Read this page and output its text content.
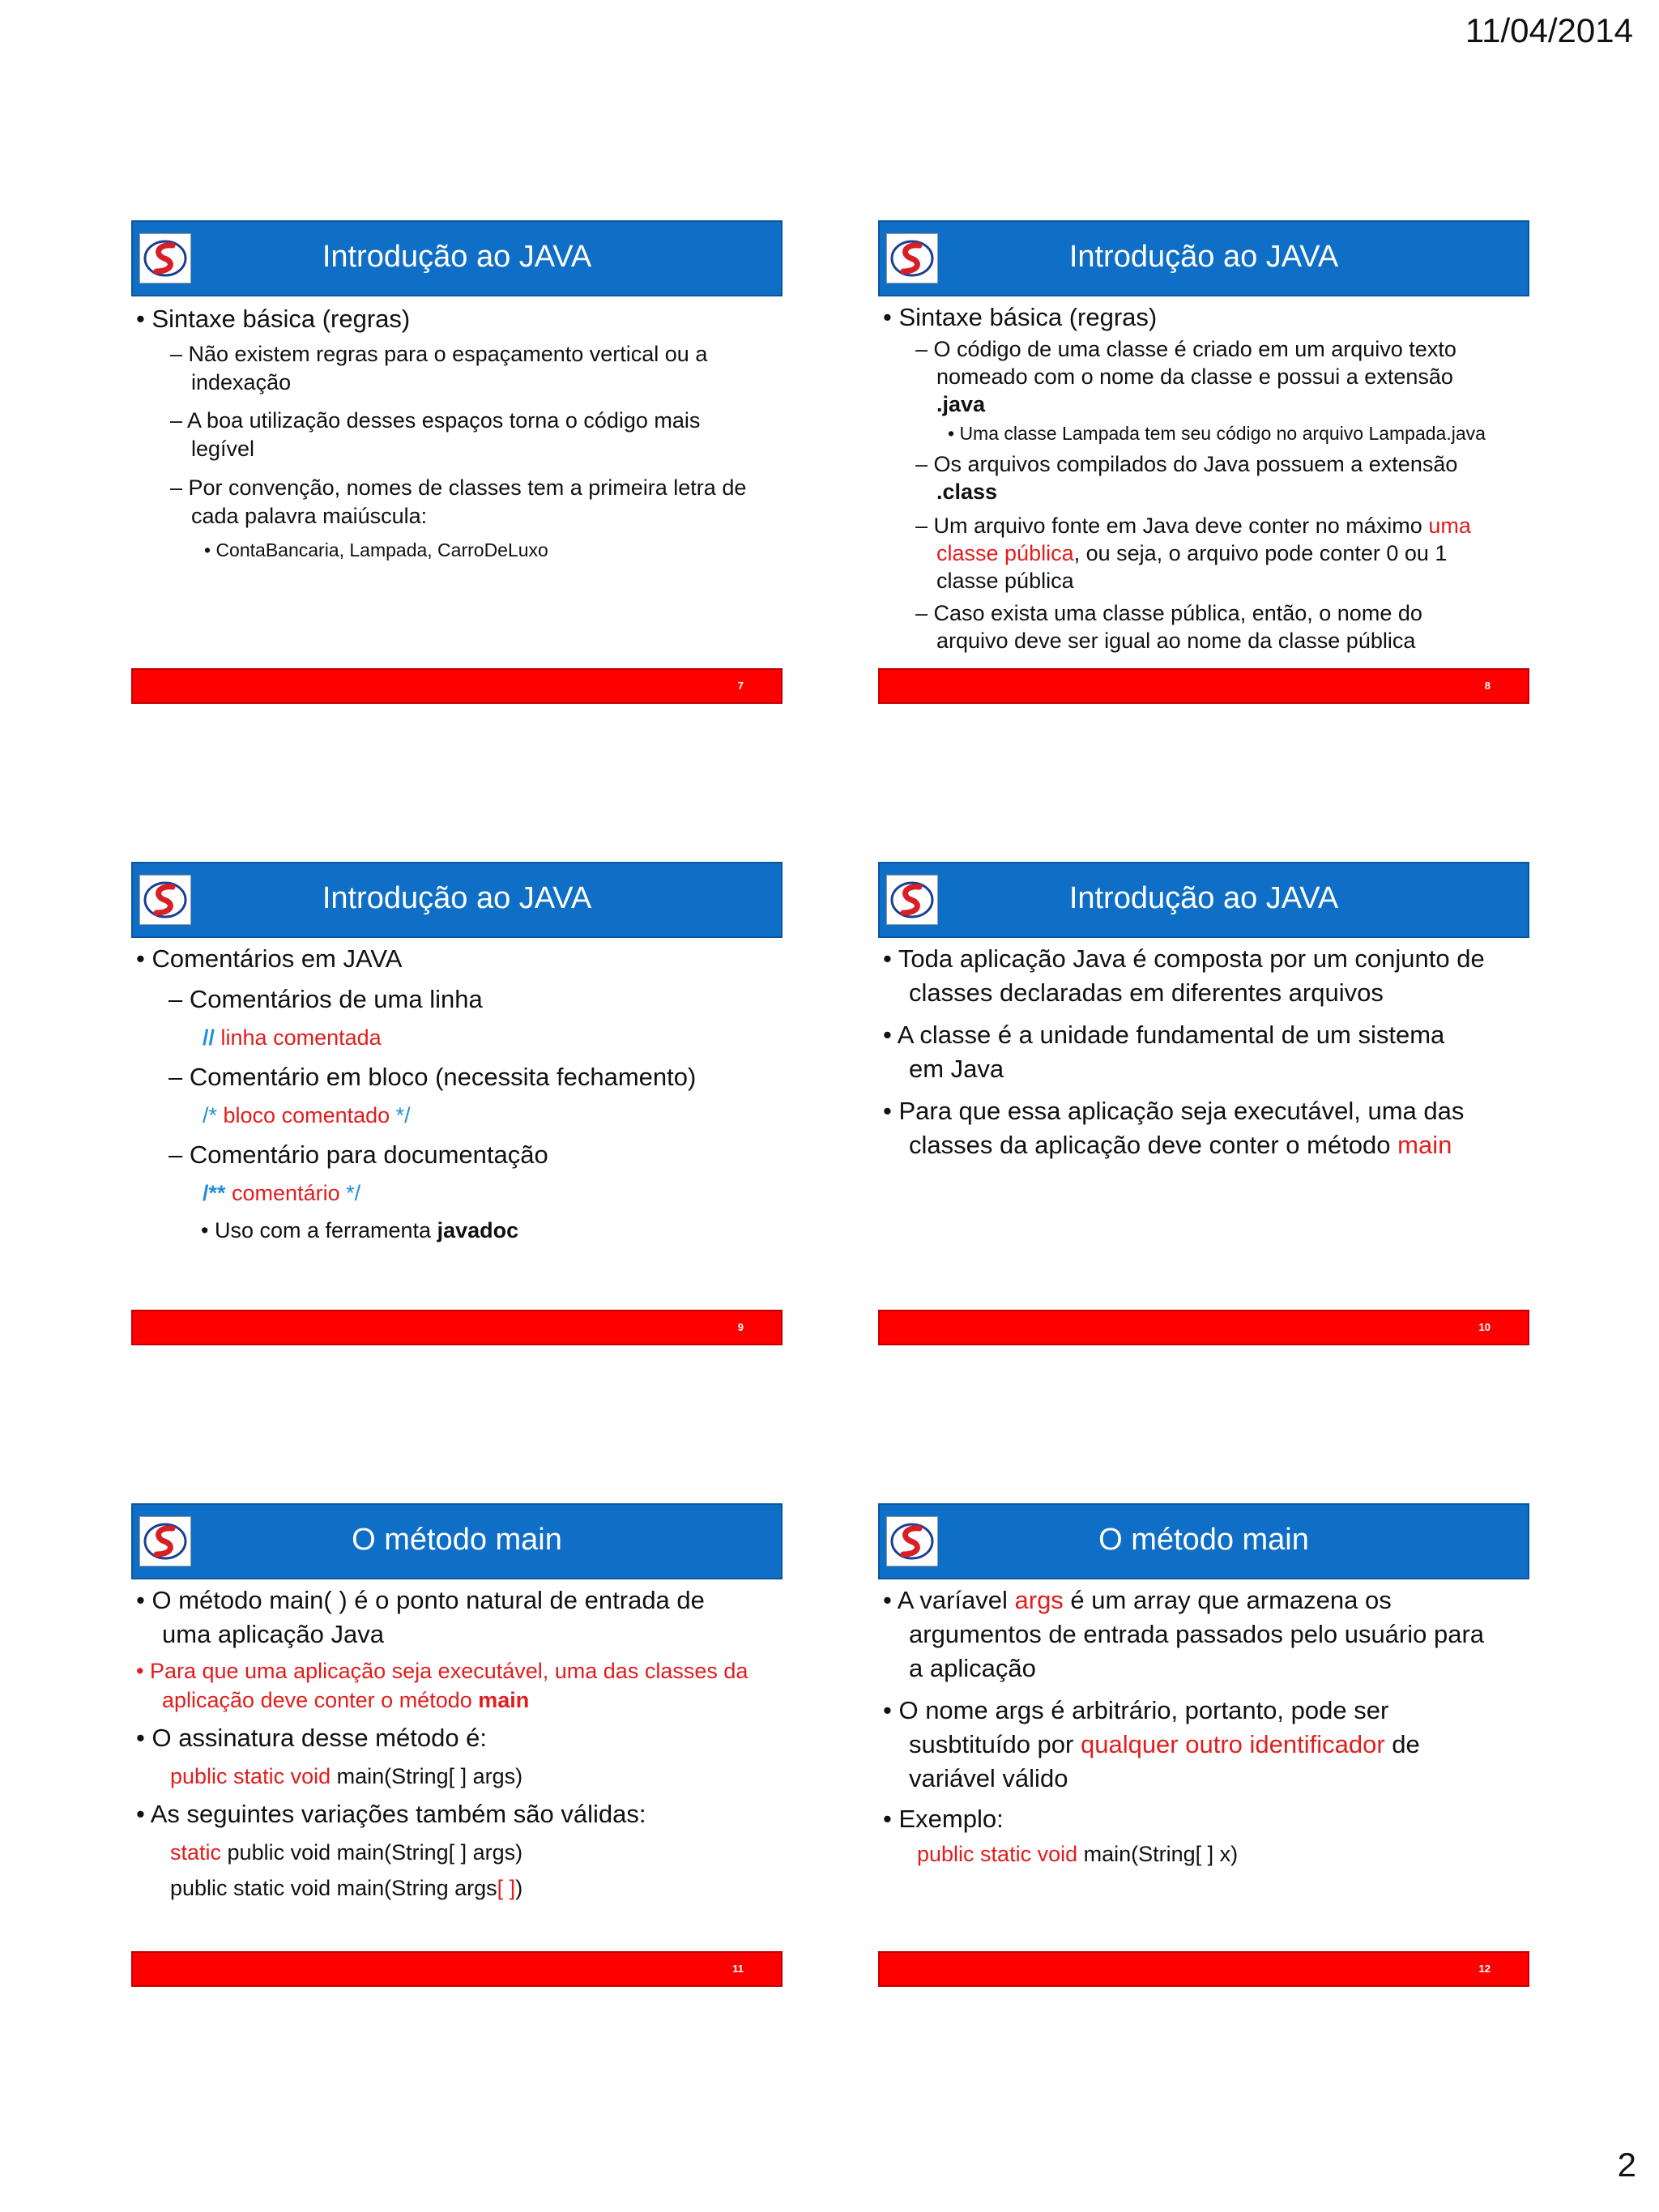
11/04/2014
Introdução ao JAVA
• Sintaxe básica (regras)
– Não existem regras para o espaçamento vertical ou a
indexação
– A boa utilização desses espaços torna o código mais
legível
– Por convenção, nomes de classes tem a primeira letra de
cada palavra maiúscula:
• ContaBancaria, Lampada, CarroDeLuxo
7
Introdução ao JAVA
• Sintaxe básica (regras)
– O código de uma classe é criado em um arquivo texto
nomeado com o nome da classe e possui a extensão
.java
• Uma classe Lampada tem seu código no arquivo Lampada.java
– Os arquivos compilados do Java possuem a extensão
.class
– Um arquivo fonte em Java deve conter no máximo uma
classe pública, ou seja, o arquivo pode conter 0 ou 1
classe pública
– Caso exista uma classe pública, então, o nome do
arquivo deve ser igual ao nome da classe pública
8
Introdução ao JAVA
• Comentários em JAVA
– Comentários de uma linha
// linha comentada
– Comentário em bloco (necessita fechamento)
/* bloco comentado */
– Comentário para documentação
/** comentário */
• Uso com a ferramenta javadoc
9
Introdução ao JAVA
• Toda aplicação Java é composta por um conjunto de
classes declaradas em diferentes arquivos
• A classe é a unidade fundamental de um sistema
em Java
• Para que essa aplicação seja executável, uma das
classes da aplicação deve conter o método main
10
O método main
• O método main( ) é o ponto natural de entrada de
uma aplicação Java
• Para que uma aplicação seja executável, uma das classes da
aplicação deve conter o método main
• O assinatura desse método é:
public static void main(String[ ] args)
• As seguintes variações também são válidas:
static public void main(String[ ] args)
public static void main(String args[ ])
11
O método main
• A varíavel args é um array que armazena os
argumentos de entrada passados pelo usuário para
a aplicação
• O nome args é arbitrário, portanto, pode ser
susbtituído por qualquer outro identificador de
variável válido
• Exemplo:
public static void main(String[ ] x)
12
2
